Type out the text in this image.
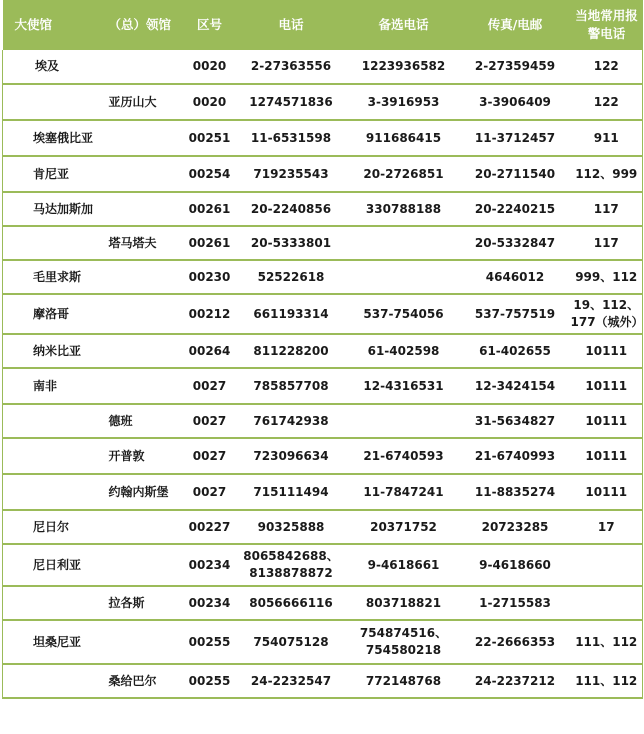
大使馆	（总）领馆	区号	电话	备选电话	传真/电邮	当地常用报警电话
埃及		0020	2-27363556	1223936582	2-27359459	122
	亚历山大	0020	1274571836	3-3916953	3-3906409	122
埃塞俄比亚		00251	11-6531598	911686415	11-3712457	911
肯尼亚		00254	719235543	20-2726851	20-2711540	112、999
马达加斯加		00261	20-2240856	330788188	20-2240215	117
	塔马塔夫	00261	20-5333801		20-5332847	117
毛里求斯		00230	52522618		4646012	999、112
摩洛哥		00212	661193314	537-754056	537-757519	19、112、
177（城外）

纳米比亚		00264	811228200	61-402598	61-402655	10111
南非		0027	785857708	12-4316531	12-3424154	10111
	德班	0027	761742938		31-5634827	10111
	开普敦	0027	723096634	21-6740593	21-6740993	10111
	约翰内斯堡	0027	715111494	11-7847241	11-8835274	10111
尼日尔		00227	90325888	20371752	20723285	17
尼日利亚		00234	8065842688、
8138878872	9-4618661	9-4618660	
	拉各斯	00234	8056666116	803718821	1-2715583	
坦桑尼亚		00255	754075128	754874516、
754580218	22-2666353	111、112
	桑给巴尔	00255	24-2232547	772148768	24-2237212	111、112
